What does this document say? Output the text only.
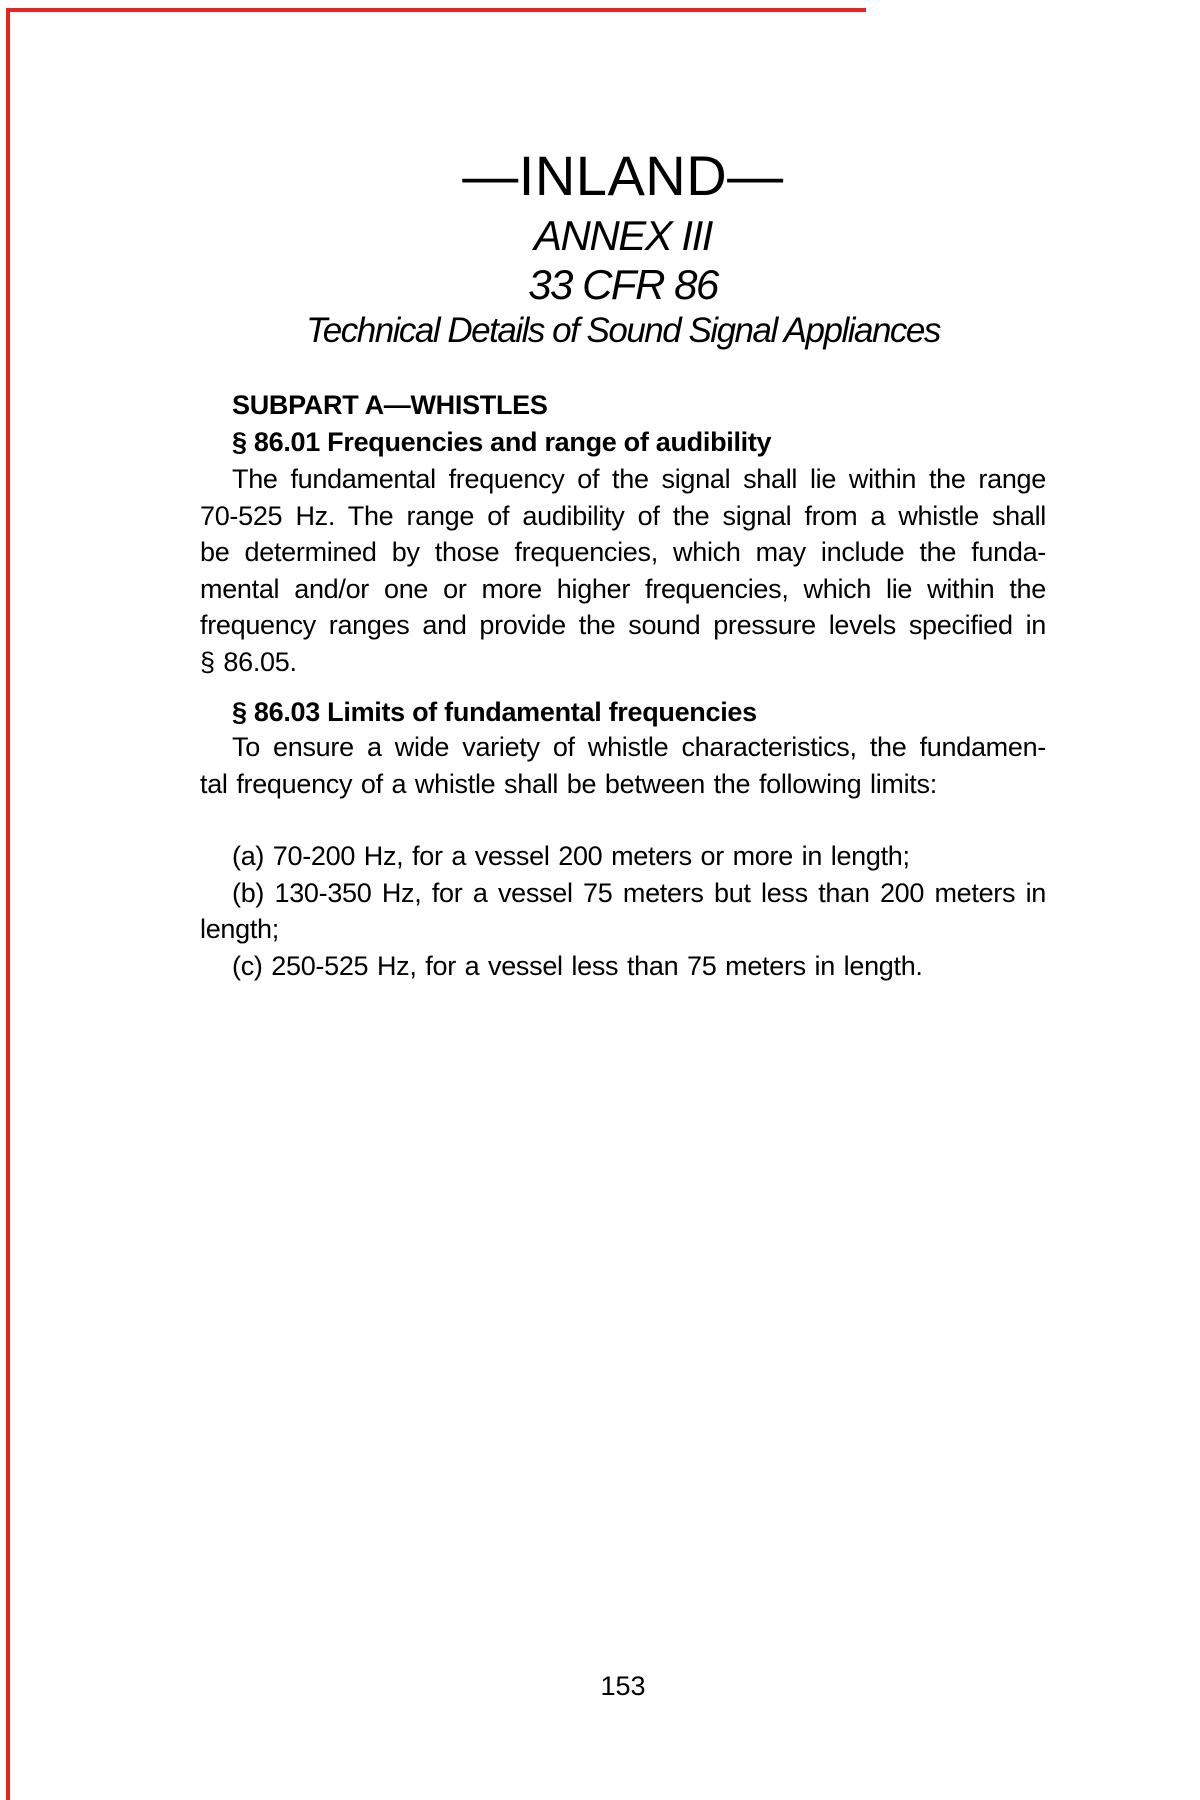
—INLAND—
ANNEX III
33 CFR 86
Technical Details of Sound Signal Appliances
SUBPART A—WHISTLES
§ 86.01 Frequencies and range of audibility
The fundamental frequency of the signal shall lie within the range
70-525 Hz. The range of audibility of the signal from a whistle shall
be determined by those frequencies, which may include the funda-
mental and/or one or more higher frequencies, which lie within the
frequency ranges and provide the sound pressure levels specified in
§ 86.05.
§ 86.03 Limits of fundamental frequencies
To ensure a wide variety of whistle characteristics, the fundamen-
tal frequency of a whistle shall be between the following limits:
(a) 70-200 Hz, for a vessel 200 meters or more in length;
(b) 130-350 Hz, for a vessel 75 meters but less than 200 meters in
length;
(c) 250-525 Hz, for a vessel less than 75 meters in length.
153
